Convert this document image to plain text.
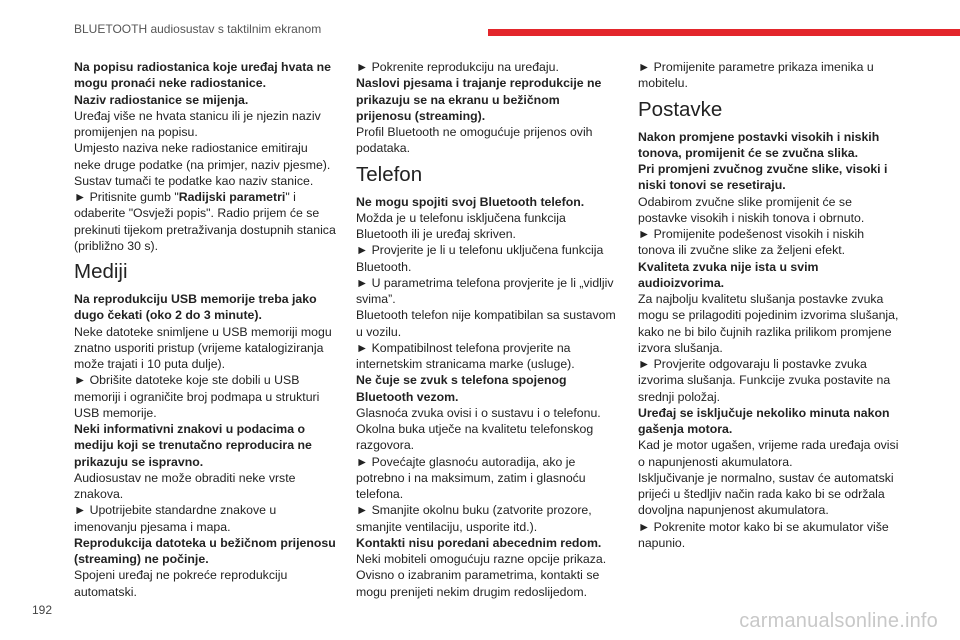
BLUETOOTH audiosustav s taktilnim ekranom

Na popisu radiostanica koje uređaj hvata ne mogu pronaći neke radiostanice.

Naziv radiostanice se mijenja.

Uređaj više ne hvata stanicu ili je njezin naziv promijenjen na popisu.

Umjesto naziva neke radiostanice emitiraju neke druge podatke (na primjer, naziv pjesme).

Sustav tumači te podatke kao naziv stanice.

► Pritisnite gumb "Radijski parametri" i odaberite "Osvježi popis". Radio prijem će se prekinuti tijekom pretraživanja dostupnih stanica (približno 30 s).

Mediji

Na reprodukciju USB memorije treba jako dugo čekati (oko 2 do 3 minute).

Neke datoteke snimljene u USB memoriji mogu znatno usporiti pristup (vrijeme katalogiziranja može trajati i 10 puta dulje).

► Obrišite datoteke koje ste dobili u USB memoriji i ograničite broj podmapa u strukturi USB memorije.

Neki informativni znakovi u podacima o mediju koji se trenutačno reproducira ne prikazuju se ispravno.

Audiosustav ne može obraditi neke vrste znakova.

► Upotrijebite standardne znakove u imenovanju pjesama i mapa.

Reprodukcija datoteka u bežičnom prijenosu (streaming) ne počinje.

Spojeni uređaj ne pokreće reprodukciju automatski.

► Pokrenite reprodukciju na uređaju.

Naslovi pjesama i trajanje reprodukcije ne prikazuju se na ekranu u bežičnom prijenosu (streaming).

Profil Bluetooth ne omogućuje prijenos ovih podataka.

Telefon

Ne mogu spojiti svoj Bluetooth telefon.

Možda je u telefonu isključena funkcija Bluetooth ili je uređaj skriven.

► Provjerite je li u telefonu uključena funkcija Bluetooth.

► U parametrima telefona provjerite je li „vidljiv svima”.

Bluetooth telefon nije kompatibilan sa sustavom u vozilu.

► Kompatibilnost telefona provjerite na internetskim stranicama marke (usluge).

Ne čuje se zvuk s telefona spojenog Bluetooth vezom.

Glasnoća zvuka ovisi i o sustavu i o telefonu.

Okolna buka utječe na kvalitetu telefonskog razgovora.

► Povećajte glasnoću autoradija, ako je potrebno i na maksimum, zatim i glasnoću telefona.

► Smanjite okolnu buku (zatvorite prozore, smanjite ventilaciju, usporite itd.).

Kontakti nisu poredani abecednim redom.

Neki mobiteli omogućuju razne opcije prikaza. Ovisno o izabranim parametrima, kontakti se mogu prenijeti nekim drugim redoslijedom.

► Promijenite parametre prikaza imenika u mobitelu.

Postavke

Nakon promjene postavki visokih i niskih tonova, promijenit će se zvučna slika.

Pri promjeni zvučnog zvučne slike, visoki i niski tonovi se resetiraju.

Odabirom zvučne slike promijenit će se postavke visokih i niskih tonova i obrnuto.

► Promijenite podešenost visokih i niskih tonova ili zvučne slike za željeni efekt.

Kvaliteta zvuka nije ista u svim audioizvorima.

Za najbolju kvalitetu slušanja postavke zvuka mogu se prilagoditi pojedinim izvorima slušanja, kako ne bi bilo čujnih razlika prilikom promjene izvora slušanja.

► Provjerite odgovaraju li postavke zvuka izvorima slušanja. Funkcije zvuka postavite na srednji položaj.

Uređaj se isključuje nekoliko minuta nakon gašenja motora.

Kad je motor ugašen, vrijeme rada uređaja ovisi o napunjenosti akumulatora.

Isključivanje je normalno, sustav će automatski prijeći u štedljiv način rada kako bi se održala dovoljna napunjenost akumulatora.

► Pokrenite motor kako bi se akumulator više napunio.

192	carmanualsonline.info
